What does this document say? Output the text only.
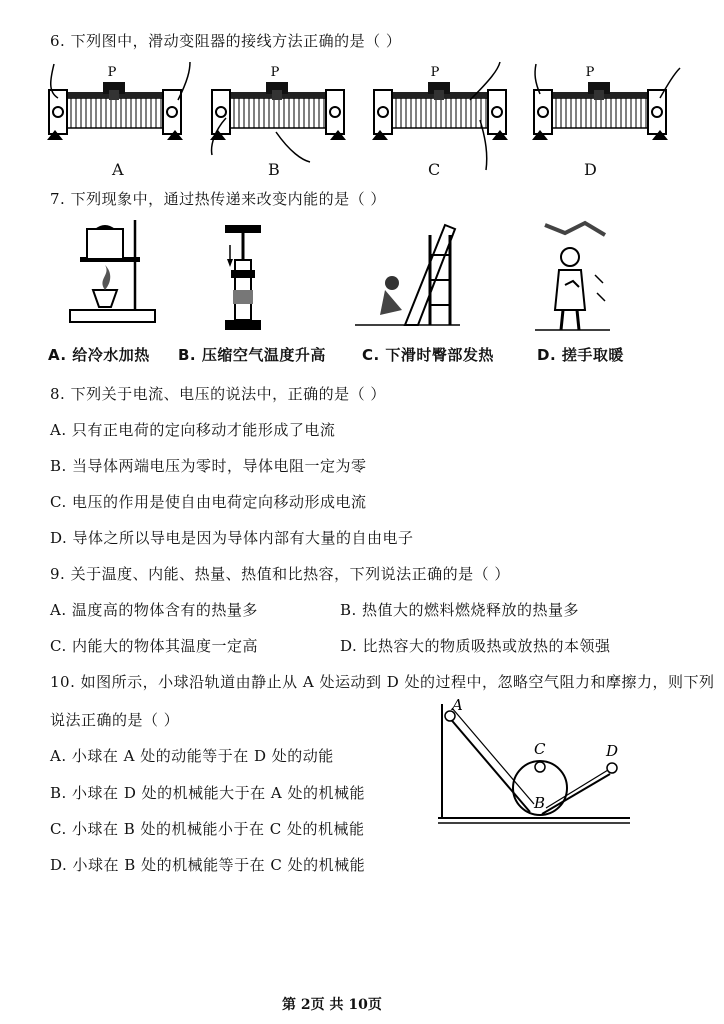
6. 下列图中，滑动变阻器的接线方法正确的是（ ）
P	P	P	P
A	B	C	D
7. 下列现象中，通过热传递来改变内能的是（ ）
A. 给冷水加热 B. 压缩空气温度升高 C. 下滑时臀部发热	D. 搓手取暖
8. 下列关于电流、电压的说法中，正确的是（ ）
A. 只有正电荷的定向移动才能形成了电流
B. 当导体两端电压为零时，导体电阻一定为零
C. 电压的作用是使自由电荷定向移动形成电流
D. 导体之所以导电是因为导体内部有大量的自由电子
9. 关于温度、内能、热量、热值和比热容，下列说法正确的是（ ）
A. 温度高的物体含有的热量多	B. 热值大的燃料燃烧释放的热量多
C. 内能大的物体其温度一定高	D. 比热容大的物质吸热或放热的本领强
10. 如图所示，小球沿轨道由静止从 A 处运动到 D 处的过程中，忽略空气阻力和摩擦力，则下列
说法正确的是（ ）
A. 小球在 A 处的动能等于在 D 处的动能
B. 小球在 D 处的机械能大于在 A 处的机械能
C. 小球在 B 处的机械能小于在 C 处的机械能
D. 小球在 B 处的机械能等于在 C 处的机械能
A
B
C	D
第 2页 共 10页
